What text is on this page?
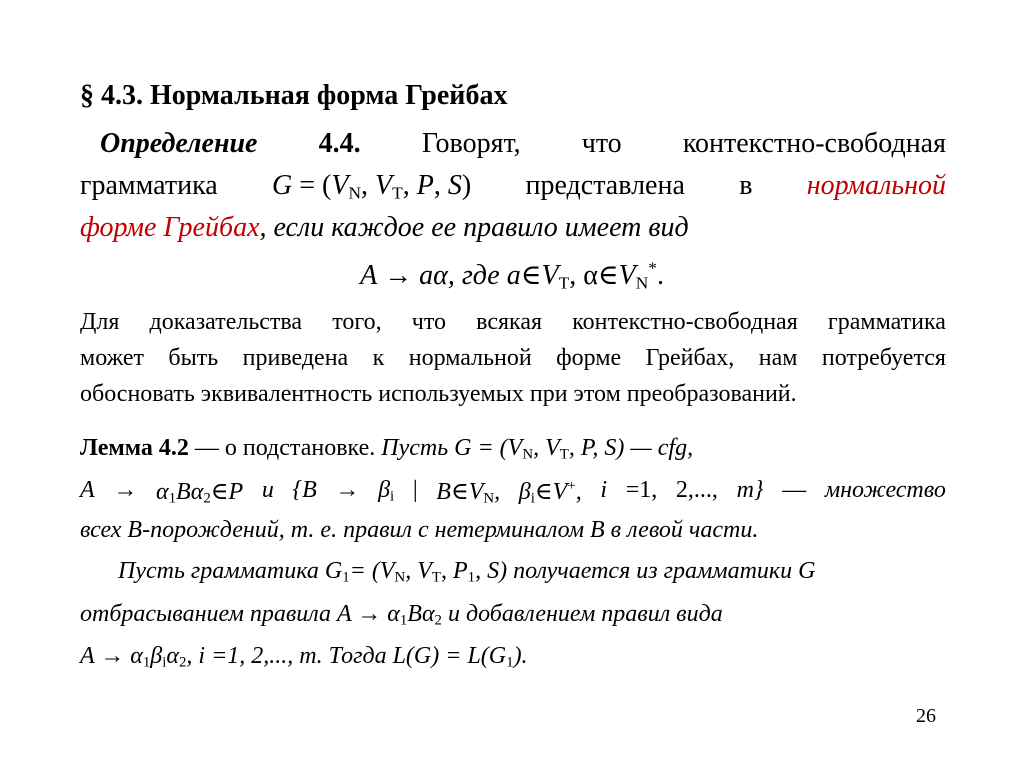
§ 4.3. Нормальная форма Грейбах
Определение 4.4. Говорят, что контекстно-свободная
грамматика $G = (V_N$, $V_T$, P, S) представлена в нормальной
форме Грейбах, если каждое ее правило имеет вид
A → aα, где $a\in V_T$, $\alpha\in V_N^*$.
Для доказательства того, что всякая контекстно-свободная грамматика
может быть приведена к нормальной форме Грейбах, нам потребуется
обосновать эквивалентность используемых при этом преобразований.
Лемма 4.2 — о подстановке. Пусть $G = (V_N$, $V_T$, P, S) — cfg,
$A \to \alpha_1B\alpha_2\in P$ и {$B \to \beta_i$ | $B\in V_N$, $\beta_i\in V^+$, i =1, 2,..., m} — множество
всех B-порождений, т. е. правил с нетерминалом B в левой части.
Пусть грамматика $G_1= (V_N$, $V_T$, $P_1$, S) получается из грамматики G
отбрасыванием правила $A \to \alpha_1B\alpha_2$ и добавлением правил вида
$A \to \alpha_1\beta_i\alpha_2$, i =1, 2,..., m. Тогда $L(G) = L(G_1)$.
26
